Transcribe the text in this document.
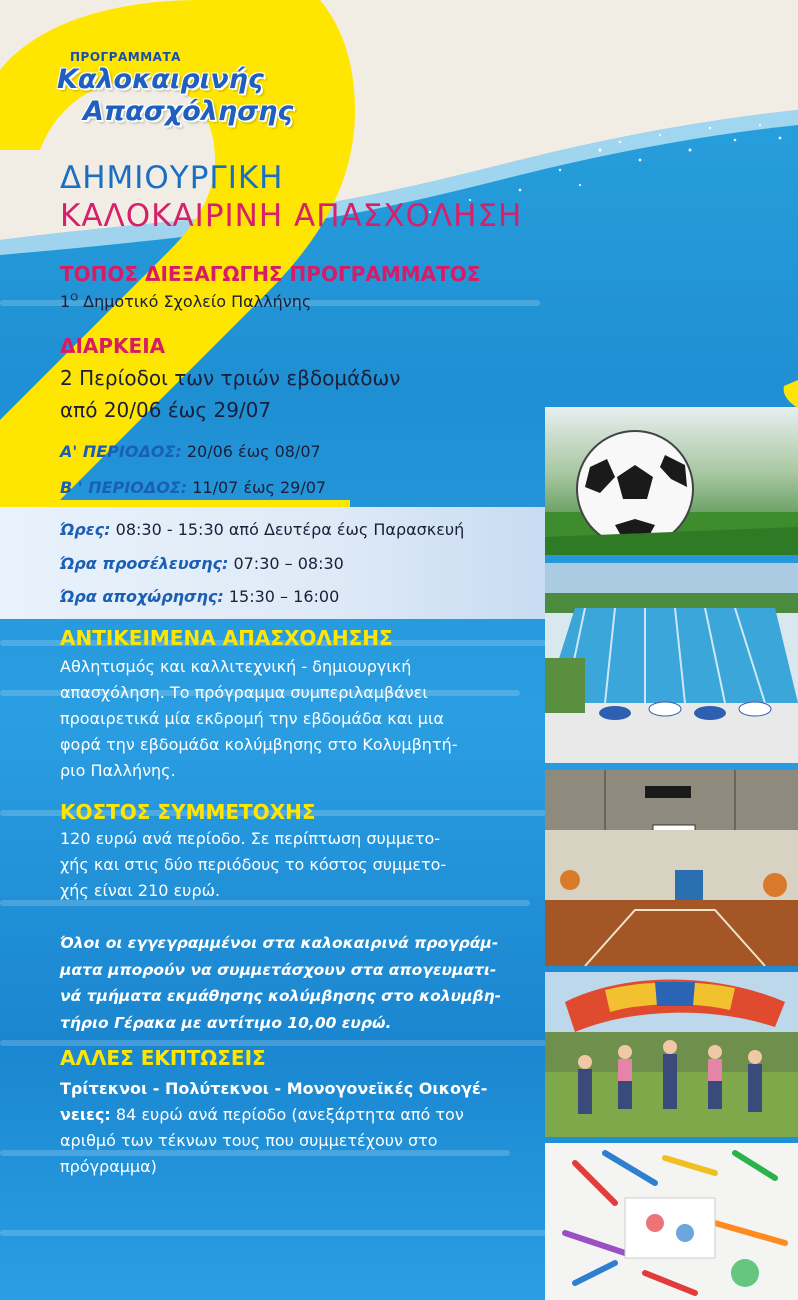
ΠΡΟΓΡΑΜΜΑΤΑ
Καλοκαιρινής
Απασχόλησης
ΔΗΜΙΟΥΡΓΙΚΗ
ΚΑΛΟΚΑΙΡΙΝΗ ΑΠΑΣΧΟΛΗΣΗ
ΤΟΠΟΣ ΔΙΕΞΑΓΩΓΗΣ ΠΡΟΓΡΑΜΜΑΤΟΣ
$1^O$ Δημοτικό Σχολείο Παλλήνης
ΔΙΑΡΚΕΙΑ
2 Περίοδοι των τριών εβδομάδων
από 20/06 έως 29/07
Α' ΠΕΡΙΟΔΟΣ: 20/06 έως 08/07
Β ' ΠΕΡΙΟΔΟΣ: 11/07 έως 29/07
Ώρες: 08:30 - 15:30 από Δευτέρα έως Παρασκευή
Ώρα προσέλευσης: 07:30 – 08:30
Ώρα αποχώρησης: 15:30 – 16:00
ΑΝΤΙΚΕΙΜΕΝΑ ΑΠΑΣΧΟΛΗΣΗΣ
Αθλητισμός και καλλιτεχνική - δημιουργική
απασχόληση. Το πρόγραμμα συμπεριλαμβάνει
προαιρετικά μία εκδρομή την εβδομάδα και μια
φορά την εβδομάδα κολύμβησης στο Κολυμβητή-
ριο Παλλήνης.
ΚΟΣΤΟΣ ΣΥΜΜΕΤΟΧΗΣ
120 ευρώ ανά περίοδο. Σε περίπτωση συμμετο-
χής και στις δύο περιόδους το κόστος συμμετο-
χής είναι 210 ευρώ.
Όλοι οι εγγεγραμμένοι στα καλοκαιρινά προγράμ-
ματα μπορούν να συμμετάσχουν στα απογευματι-
νά τμήματα εκμάθησης κολύμβησης στο κολυμβη-
τήριο Γέρακα με αντίτιμο 10,00 ευρώ.
ΑΛΛΕΣ ΕΚΠΤΩΣΕΙΣ
Τρίτεκνοι - Πολύτεκνοι - Μονογονεϊκές Οικογέ-
νειες: 84 ευρώ ανά περίοδο (ανεξάρτητα από τον
αριθμό των τέκνων τους που συμμετέχουν στο
πρόγραμμα)
